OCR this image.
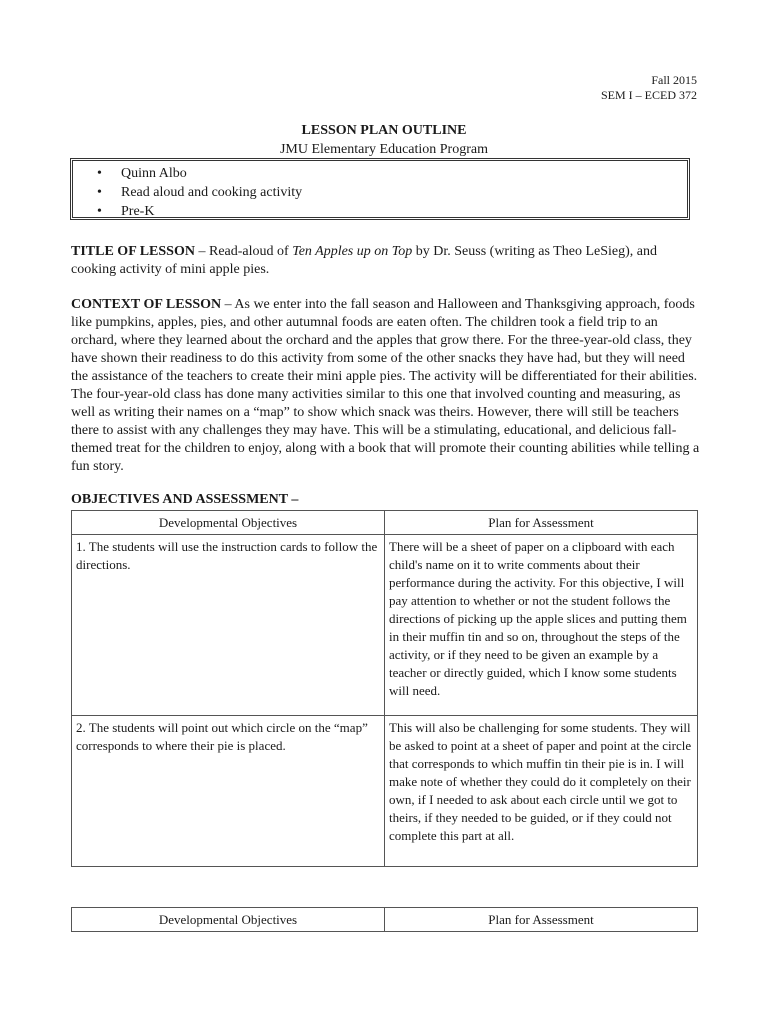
Fall 2015
SEM I – ECED 372
LESSON PLAN OUTLINE
JMU Elementary Education Program
• Quinn Albo
• Read aloud and cooking activity
• Pre-K
TITLE OF LESSON – Read-aloud of Ten Apples up on Top by Dr. Seuss (writing as Theo LeSieg), and cooking activity of mini apple pies.
CONTEXT OF LESSON – As we enter into the fall season and Halloween and Thanksgiving approach, foods like pumpkins, apples, pies, and other autumnal foods are eaten often. The children took a field trip to an orchard, where they learned about the orchard and the apples that grow there. For the three-year-old class, they have shown their readiness to do this activity from some of the other snacks they have had, but they will need the assistance of the teachers to create their mini apple pies. The activity will be differentiated for their abilities. The four-year-old class has done many activities similar to this one that involved counting and measuring, as well as writing their names on a “map” to show which snack was theirs. However, there will still be teachers there to assist with any challenges they may have. This will be a stimulating, educational, and delicious fall-themed treat for the children to enjoy, along with a book that will promote their counting abilities while telling a fun story.
OBJECTIVES AND ASSESSMENT –
Developmental Objectives	Plan for Assessment
1. The students will use the instruction cards to follow the directions.	There will be a sheet of paper on a clipboard with each child's name on it to write comments about their performance during the activity. For this objective, I will pay attention to whether or not the student follows the directions of picking up the apple slices and putting them in their muffin tin and so on, throughout the steps of the activity, or if they need to be given an example by a teacher or directly guided, which I know some students will need.
2. The students will point out which circle on the “map” corresponds to where their pie is placed.	This will also be challenging for some students. They will be asked to point at a sheet of paper and point at the circle that corresponds to which muffin tin their pie is in. I will make note of whether they could do it completely on their own, if I needed to ask about each circle until we got to theirs, if they needed to be guided, or if they could not complete this part at all.
Developmental Objectives	Plan for Assessment
